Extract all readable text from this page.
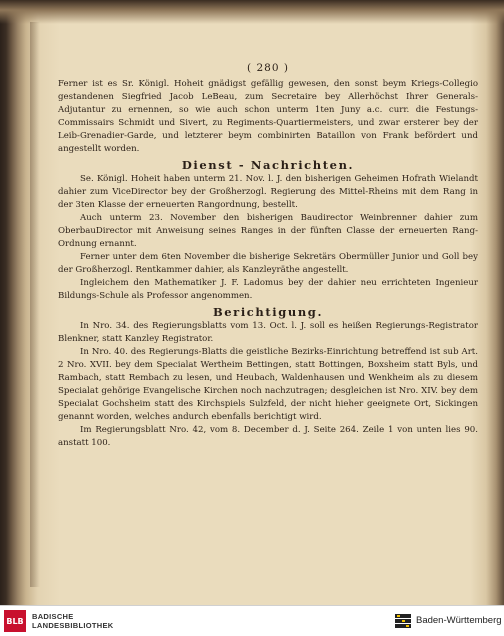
( 280 )

Ferner ist es Sr. Königl. Hoheit gnädigst gefällig gewesen, den sonst beym Kriegs-Collegio gestandenen Siegfried Jacob LeBeau, zum Secretaire bey Allerhöchst Ihrer Generals-Adjutantur zu ernennen, so wie auch schon unterm 1ten Juny a.c. curr. die Festungs-Commissairs Schmidt und Sivert, zu Regiments-Quartiermeisters, und zwar ersterer bey der Leib-Grenadier-Garde, und letzterer beym combinirten Bataillon von Frank befördert und angestellt worden.

Dienst - Nachrichten.

Se. Königl. Hoheit haben unterm 21. Nov. l. J. den bisherigen Geheimen Hofrath Wielandt dahier zum ViceDirector bey der Großherzogl. Regierung des Mittel-Rheins mit dem Rang in der 3ten Klasse der erneuerten Rangordnung, bestellt.

Auch unterm 23. November den bisherigen Baudirector Weinbrenner dahier zum OberbauDirector mit Anweisung seines Ranges in der fünften Classe der erneuerten Rang-Ordnung ernannt.

Ferner unter dem 6ten November die bisherige Sekretärs Obermüller Junior und Goll bey der Großherzogl. Rentkammer dahier, als Kanzleyräthe angestellt.

Ingleichem den Mathematiker J. F. Ladomus bey der dahier neu errichteten Ingenieur Bildungs-Schule als Professor angenommen.

Berichtigung.

In Nro. 34. des Regierungsblatts vom 13. Oct. l. J. soll es heißen Regierungs-Registrator Blenkner, statt Kanzley Registrator.

In Nro. 40. des Regierungs-Blatts die geistliche Bezirks-Einrichtung betreffend ist sub Art. 2 Nro. XVII. bey dem Specialat Wertheim Bettingen, statt Bottingen, Boxsheim statt Byls, und Rambach, statt Rembach zu lesen, und Heubach, Waldenhausen und Wenkheim als zu diesem Specialat gehörige Evangelische Kirchen noch nachzutragen; desgleichen ist Nro. XIV. bey dem Specialat Gochsheim statt des Kirchspiels Sulzfeld, der nicht hieher geeignete Ort, Sickingen genannt worden, welches andurch ebenfalls berichtigt wird.

Im Regierungsblatt Nro. 42, vom 8. December d. J. Seite 264. Zeile 1 von unten lies 90. anstatt 100.

BLB	BADISCHE
LANDESBIBLIOTHEK	Baden-Württemberg
